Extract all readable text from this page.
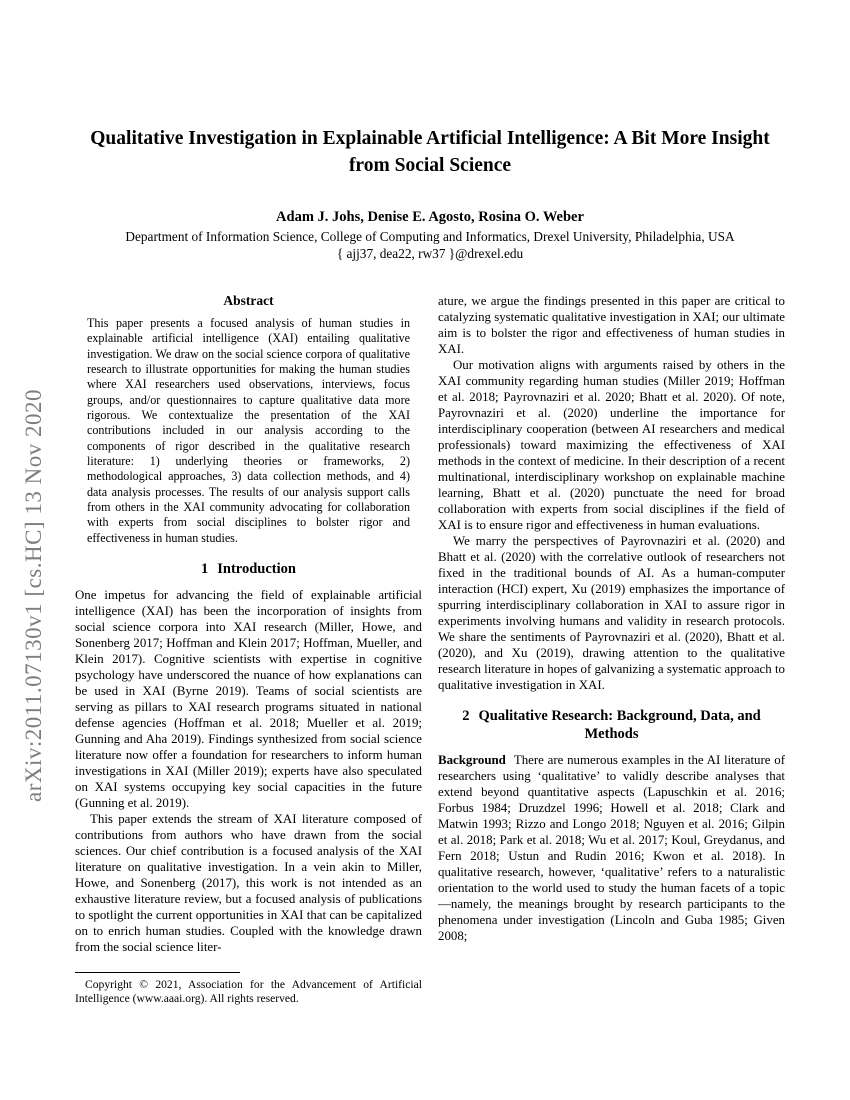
arXiv:2011.07130v1 [cs.HC] 13 Nov 2020
Qualitative Investigation in Explainable Artificial Intelligence: A Bit More Insight from Social Science
Adam J. Johs, Denise E. Agosto, Rosina O. Weber
Department of Information Science, College of Computing and Informatics, Drexel University, Philadelphia, USA
{ ajj37, dea22, rw37 }@drexel.edu
Abstract
This paper presents a focused analysis of human studies in explainable artificial intelligence (XAI) entailing qualitative investigation. We draw on the social science corpora of qualitative research to illustrate opportunities for making the human studies where XAI researchers used observations, interviews, focus groups, and/or questionnaires to capture qualitative data more rigorous. We contextualize the presentation of the XAI contributions included in our analysis according to the components of rigor described in the qualitative research literature: 1) underlying theories or frameworks, 2) methodological approaches, 3) data collection methods, and 4) data analysis processes. The results of our analysis support calls from others in the XAI community advocating for collaboration with experts from social disciplines to bolster rigor and effectiveness in human studies.
1 Introduction

One impetus for advancing the field of explainable artificial intelligence (XAI) has been the incorporation of insights from social science corpora into XAI research (Miller, Howe, and Sonenberg 2017; Hoffman and Klein 2017; Hoffman, Mueller, and Klein 2017). Cognitive scientists with expertise in cognitive psychology have underscored the nuance of how explanations can be used in XAI (Byrne 2019). Teams of social scientists are serving as pillars to XAI research programs situated in national defense agencies (Hoffman et al. 2018; Mueller et al. 2019; Gunning and Aha 2019). Findings synthesized from social science literature now offer a foundation for researchers to inform human investigations in XAI (Miller 2019); experts have also speculated on XAI systems occupying key social capacities in the future (Gunning et al. 2019).

This paper extends the stream of XAI literature composed of contributions from authors who have drawn from the social sciences. Our chief contribution is a focused analysis of the XAI literature on qualitative investigation. In a vein akin to Miller, Howe, and Sonenberg (2017), this work is not intended as an exhaustive literature review, but a focused analysis of publications to spotlight the current opportunities in XAI that can be capitalized on to enrich human studies. Coupled with the knowledge drawn from the social science liter-

ature, we argue the findings presented in this paper are critical to catalyzing systematic qualitative investigation in XAI; our ultimate aim is to bolster the rigor and effectiveness of human studies in XAI.

Our motivation aligns with arguments raised by others in the XAI community regarding human studies (Miller 2019; Hoffman et al. 2018; Payrovnaziri et al. 2020; Bhatt et al. 2020). Of note, Payrovnaziri et al. (2020) underline the importance for interdisciplinary cooperation (between AI researchers and medical professionals) toward maximizing the effectiveness of XAI methods in the context of medicine. In their description of a recent multinational, interdisciplinary workshop on explainable machine learning, Bhatt et al. (2020) punctuate the need for broad collaboration with experts from social disciplines if the field of XAI is to ensure rigor and effectiveness in human evaluations.

We marry the perspectives of Payrovnaziri et al. (2020) and Bhatt et al. (2020) with the correlative outlook of researchers not fixed in the traditional bounds of AI. As a human-computer interaction (HCI) expert, Xu (2019) emphasizes the importance of spurring interdisciplinary collaboration in XAI to assure rigor in experiments involving humans and validity in research protocols. We share the sentiments of Payrovnaziri et al. (2020), Bhatt et al. (2020), and Xu (2019), drawing attention to the qualitative research literature in hopes of galvanizing a systematic approach to qualitative investigation in XAI.

2 Qualitative Research: Background, Data, and Methods

Background There are numerous examples in the AI literature of researchers using ‘qualitative’ to validly describe analyses that extend beyond quantitative aspects (Lapuschkin et al. 2016; Forbus 1984; Druzdzel 1996; Howell et al. 2018; Clark and Matwin 1993; Rizzo and Longo 2018; Nguyen et al. 2016; Gilpin et al. 2018; Park et al. 2018; Wu et al. 2017; Koul, Greydanus, and Fern 2018; Ustun and Rudin 2016; Kwon et al. 2018). In qualitative research, however, ‘qualitative’ refers to a naturalistic orientation to the world used to study the human facets of a topic—namely, the meanings brought by research participants to the phenomena under investigation (Lincoln and Guba 1985; Given 2008;

Copyright © 2021, Association for the Advancement of Artificial Intelligence (www.aaai.org). All rights reserved.
